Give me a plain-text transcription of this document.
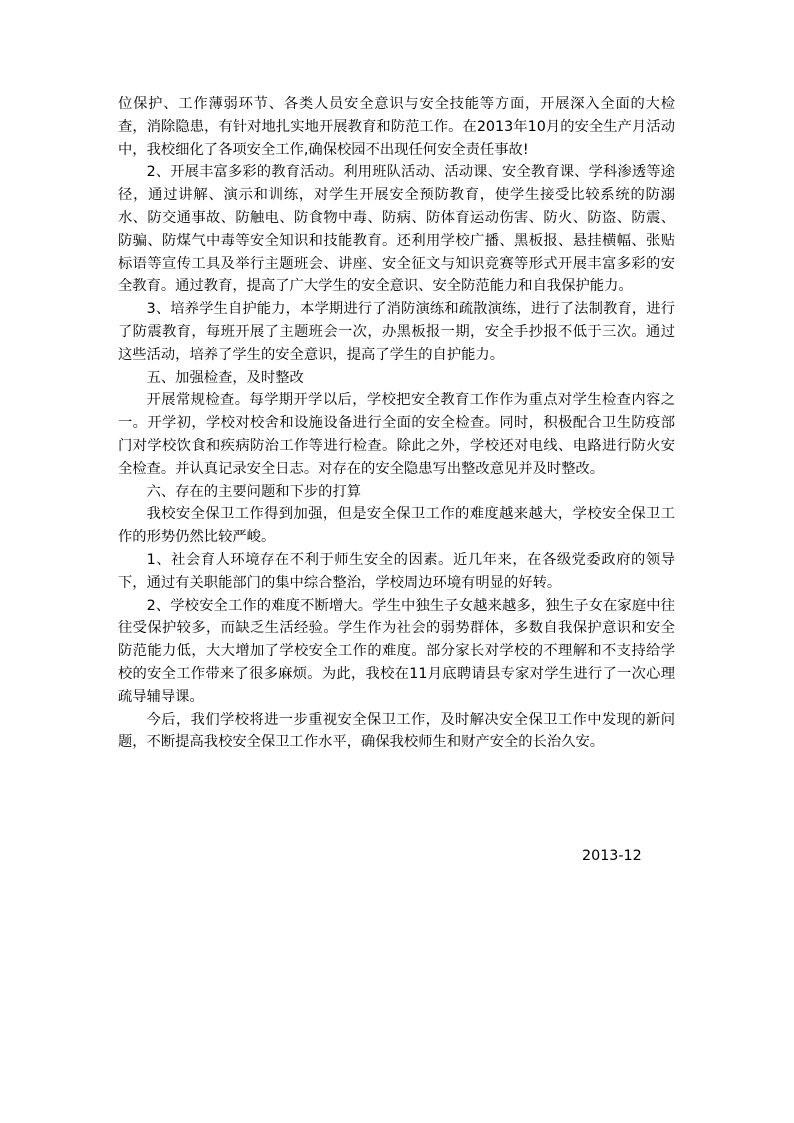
位保护、工作薄弱环节、各类人员安全意识与安全技能等方面，开展深入全面的大检查，消除隐患，有针对地扎实地开展教育和防范工作。在2013年10月的安全生产月活动中，我校细化了各项安全工作,确保校园不出现任何安全责任事故!

2、开展丰富多彩的教育活动。利用班队活动、活动课、安全教育课、学科渗透等途径，通过讲解、演示和训练，对学生开展安全预防教育，使学生接受比较系统的防溺水、防交通事故、防触电、防食物中毒、防病、防体育运动伤害、防火、防盗、防震、防骗、防煤气中毒等安全知识和技能教育。还利用学校广播、黑板报、悬挂横幅、张贴标语等宣传工具及举行主题班会、讲座、安全征文与知识竞赛等形式开展丰富多彩的安全教育。通过教育，提高了广大学生的安全意识、安全防范能力和自我保护能力。

3、培养学生自护能力，本学期进行了消防演练和疏散演练，进行了法制教育，进行了防震教育，每班开展了主题班会一次，办黑板报一期，安全手抄报不低于三次。通过这些活动，培养了学生的安全意识，提高了学生的自护能力。

五、加强检查，及时整改

开展常规检查。每学期开学以后，学校把安全教育工作作为重点对学生检查内容之一。开学初，学校对校舍和设施设备进行全面的安全检查。同时，积极配合卫生防疫部门对学校饮食和疾病防治工作等进行检查。除此之外，学校还对电线、电路进行防火安全检查。并认真记录安全日志。对存在的安全隐患写出整改意见并及时整改。

六、存在的主要问题和下步的打算

我校安全保卫工作得到加强，但是安全保卫工作的难度越来越大，学校安全保卫工作的形势仍然比较严峻。

1、社会育人环境存在不利于师生安全的因素。近几年来，在各级党委政府的领导下，通过有关职能部门的集中综合整治，学校周边环境有明显的好转。

2、学校安全工作的难度不断增大。学生中独生子女越来越多，独生子女在家庭中往往受保护较多，而缺乏生活经验。学生作为社会的弱势群体，多数自我保护意识和安全防范能力低，大大增加了学校安全工作的难度。部分家长对学校的不理解和不支持给学校的安全工作带来了很多麻烦。为此，我校在11月底聘请县专家对学生进行了一次心理疏导辅导课。

今后，我们学校将进一步重视安全保卫工作，及时解决安全保卫工作中发现的新问题，不断提高我校安全保卫工作水平，确保我校师生和财产安全的长治久安。

2013-12
